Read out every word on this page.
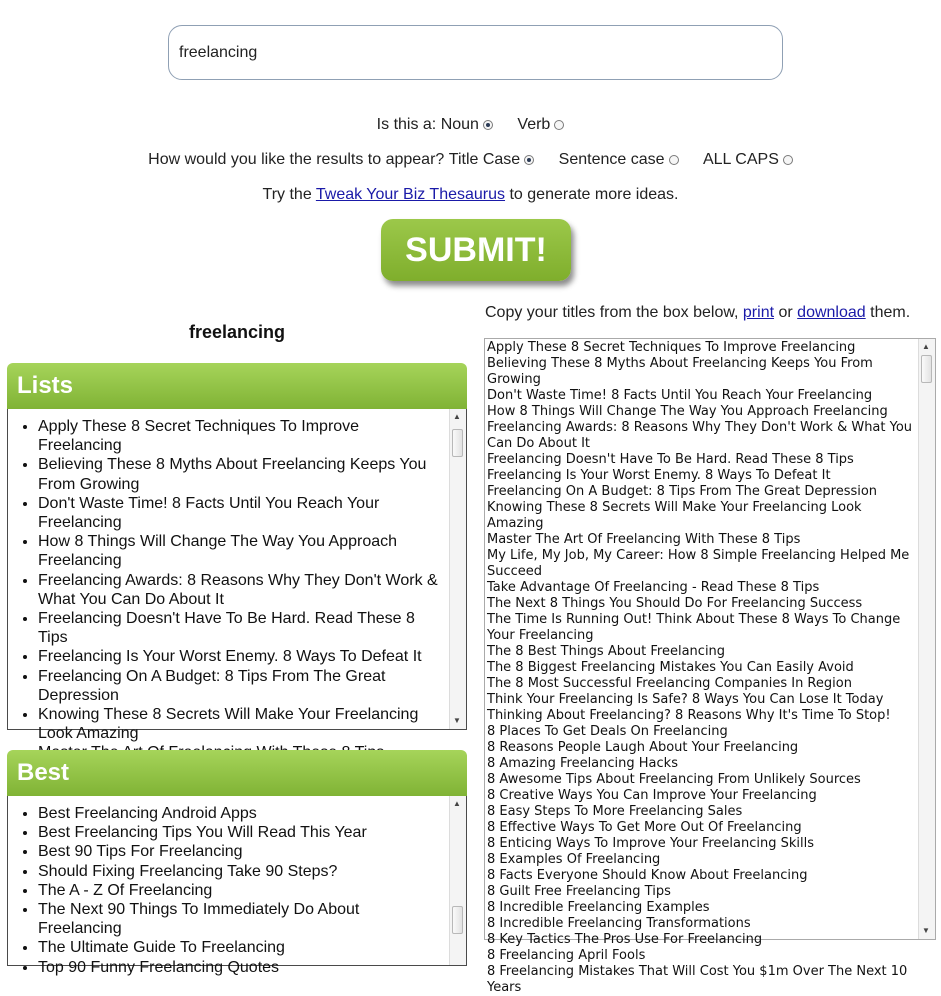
freelancing
Is this a: Noun Verb
How would you like the results to appear? Title Case Sentence case ALL CAPS
Try the Tweak Your Biz Thesaurus to generate more ideas.
SUBMIT!
freelancing
Copy your titles from the box below, print or download them.
Lists
• Apply These 8 Secret Techniques To Improve Freelancing
• Believing These 8 Myths About Freelancing Keeps You From Growing
• Don't Waste Time! 8 Facts Until You Reach Your Freelancing
• How 8 Things Will Change The Way You Approach Freelancing
• Freelancing Awards: 8 Reasons Why They Don't Work & What You Can Do About It
• Freelancing Doesn't Have To Be Hard. Read These 8 Tips
• Freelancing Is Your Worst Enemy. 8 Ways To Defeat It
• Freelancing On A Budget: 8 Tips From The Great Depression
• Knowing These 8 Secrets Will Make Your Freelancing Look Amazing
•
▲
▼
Best
• Best Freelancing Android Apps
• Best Freelancing Tips You Will Read This Year
• Best 90 Tips For Freelancing
• Should Fixing Freelancing Take 90 Steps?
• The A - Z Of Freelancing
• The Next 90 Things To Immediately Do About Freelancing
• The Ultimate Guide To Freelancing
• Top 90 Funny Freelancing Quotes
▲
Apply These 8 Secret Techniques To Improve Freelancing
Believing These 8 Myths About Freelancing Keeps You From Growing
Don't Waste Time! 8 Facts Until You Reach Your Freelancing
How 8 Things Will Change The Way You Approach Freelancing
Freelancing Awards: 8 Reasons Why They Don't Work & What You Can Do About It
Freelancing Doesn't Have To Be Hard. Read These 8 Tips
Freelancing Is Your Worst Enemy. 8 Ways To Defeat It
Freelancing On A Budget: 8 Tips From The Great Depression
Knowing These 8 Secrets Will Make Your Freelancing Look Amazing
Master The Art Of Freelancing With These 8 Tips
My Life, My Job, My Career: How 8 Simple Freelancing Helped Me Succeed
Take Advantage Of Freelancing - Read These 8 Tips
The Next 8 Things You Should Do For Freelancing Success
The Time Is Running Out! Think About These 8 Ways To Change Your Freelancing
The 8 Best Things About Freelancing
The 8 Biggest Freelancing Mistakes You Can Easily Avoid
The 8 Most Successful Freelancing Companies In Region
Think Your Freelancing Is Safe? 8 Ways You Can Lose It Today
Thinking About Freelancing? 8 Reasons Why It's Time To Stop!
8 Places To Get Deals On Freelancing
8 Reasons People Laugh About Your Freelancing
8 Amazing Freelancing Hacks
8 Awesome Tips About Freelancing From Unlikely Sources
8 Creative Ways You Can Improve Your Freelancing
8 Easy Steps To More Freelancing Sales
8 Effective Ways To Get More Out Of Freelancing
8 Enticing Ways To Improve Your Freelancing Skills
8 Examples Of Freelancing
8 Facts Everyone Should Know About Freelancing
8 Guilt Free Freelancing Tips
8 Incredible Freelancing Examples
8 Incredible Freelancing Transformations
8 Key Tactics The Pros Use For Freelancing
8 Freelancing April Fools
8 Freelancing Mistakes That Will Cost You $1m Over The Next 10 Years
▲
▼
